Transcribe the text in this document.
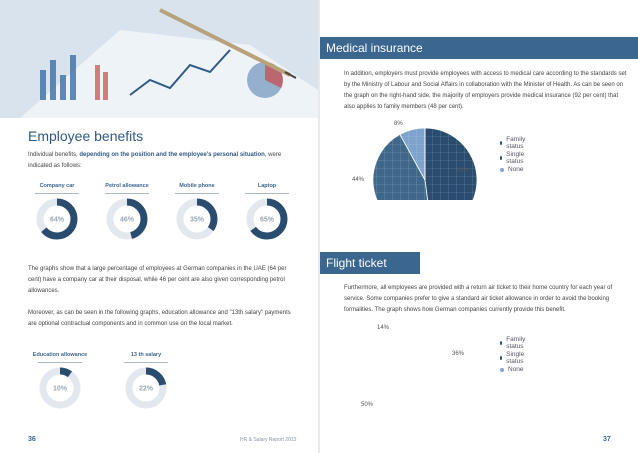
Employee benefits
Individual benefits, depending on the position and the employee's personal situation, were indicated as follows:
Company car
64%
Petrol allowance
46%
Mobile phone
35%
Laptop
65%
The graphs show that a large percentage of employees at German companies in the UAE (64 per cent) have a company car at their disposal, while 46 per cent are also given corresponding petrol allowances.
Moreover, as can be seen in the following graphs, education allowance and "13th salary" payments are optional contractual components and in common use on the local market.
Education allowance
10%
13 th salary
22%
36	HR & Salary Report 2013
Medical insurance
In addition, employers must provide employees with access to medical care according to the standards set by the Ministry of Labour and Social Affairs in collaboration with the Minister of Health. As can be seen on the graph on the right-hand side, the majority of employers provide medical insurance (92 per cent) that also applies to family members (48 per cent).
48%
Family status
44%
Single status
8%
None
Flight ticket
Furthermore, all employees are provided with a return air ticket to their home country for each year of service. Some companies prefer to give a standard air ticket allowance in order to avoid the booking formalities. The graph shows how German companies currently provide this benefit.
36%
Family status
50%
Single status
14%
None
37
